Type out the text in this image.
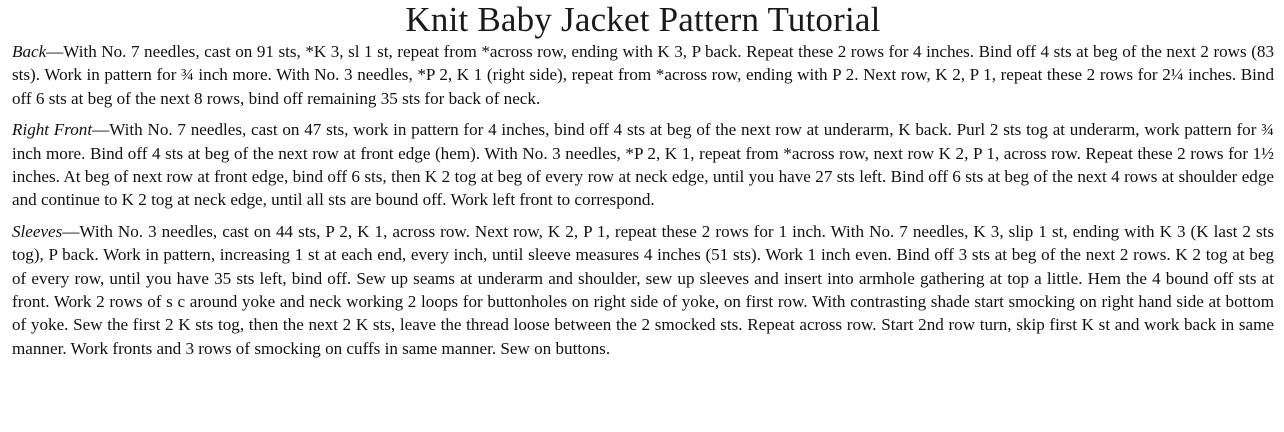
Knit Baby Jacket Pattern Tutorial

Back—With No. 7 needles, cast on 91 sts, *K 3, sl 1 st, repeat from *across row, ending with K 3, P back. Repeat these 2 rows for 4 inches. Bind off 4 sts at beg of the next 2 rows (83 sts). Work in pattern for ¾ inch more. With No. 3 needles, *P 2, K 1 (right side), repeat from *across row, ending with P 2. Next row, K 2, P 1, repeat these 2 rows for 2¼ inches. Bind off 6 sts at beg of the next 8 rows, bind off remaining 35 sts for back of neck.

Right Front—With No. 7 needles, cast on 47 sts, work in pattern for 4 inches, bind off 4 sts at beg of the next row at underarm, K back. Purl 2 sts tog at underarm, work pattern for ¾ inch more. Bind off 4 sts at beg of the next row at front edge (hem). With No. 3 needles, *P 2, K 1, repeat from *across row, next row K 2, P 1, across row. Repeat these 2 rows for 1½ inches. At beg of next row at front edge, bind off 6 sts, then K 2 tog at beg of every row at neck edge, until you have 27 sts left. Bind off 6 sts at beg of the next 4 rows at shoulder edge and continue to K 2 tog at neck edge, until all sts are bound off. Work left front to correspond.

Sleeves—With No. 3 needles, cast on 44 sts, P 2, K 1, across row. Next row, K 2, P 1, repeat these 2 rows for 1 inch. With No. 7 needles, K 3, slip 1 st, ending with K 3 (K last 2 sts tog), P back. Work in pattern, increasing 1 st at each end, every inch, until sleeve measures 4 inches (51 sts). Work 1 inch even. Bind off 3 sts at beg of the next 2 rows. K 2 tog at beg of every row, until you have 35 sts left, bind off. Sew up seams at underarm and shoulder, sew up sleeves and insert into armhole gathering at top a little. Hem the 4 bound off sts at front. Work 2 rows of s c around yoke and neck working 2 loops for buttonholes on right side of yoke, on first row. With contrasting shade start smocking on right hand side at bottom of yoke. Sew the first 2 K sts tog, then the next 2 K sts, leave the thread loose between the 2 smocked sts. Repeat across row. Start 2nd row turn, skip first K st and work back in same manner. Work fronts and 3 rows of smocking on cuffs in same manner. Sew on buttons.
